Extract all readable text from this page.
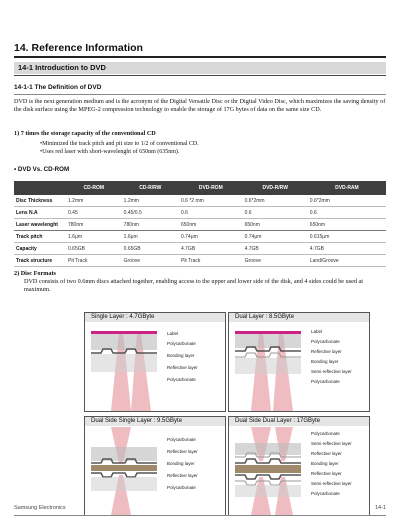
14. Reference Information
14-1 Introduction to DVD
14-1-1 The Definition of DVD
DVD is the next generation medium and is the acronym of the Digital Versatile Disc or thr Digital Video Disc, which maximizes the saving density of the disk surface using the MPEG-2 compression technology to enable the storage of 17G bytes of data on the same size CD.
1) 7 times the storage capacity of the conventional CD
•Minimized the track pitch and pit size to 1/2 of conventional CD.
•Uses red laser with short-wavelenght of 650nm (635nm).
• DVD Vs. CD-ROM
	CD-ROM	CD-R/RW	DVD-ROM	DVD-R/RW	DVD-RAM
Disc Thickness	1.2mm	1.2mm	0.6 *2 mm	0.6*2mm	0.6*2mm
Lens N.A	0.45	0.45/0.5	0.6	0.6	0.6
Laser wavelenght	780nm	780nm	650nm	650nm	650nm
Track pitch	1.6μm	1.6μm	0.74μm	0.74μm	0.615μm
Capacity	0.65GB	0.65GB	4.7GB	4.7GB	4.7GB
Track structure	Pit Track	Groove	Pit Track	Groove	Land/Groove
2) Disc Formats
DVD consists of two 0.6mm discs attached together, enabling access to the upper and lower side of the disk, and 4 sides could be used at maximum.
Single Layer : 4.7GByte
Label
Polycarbonate
Bonding layer
Reflective layer
Polycarbonate
Dual Layer : 8.5GByte
Label
Polycarbonate
Reflective layer
Bonding layer
Semi-reflective layer
Polycarbonate
Dual Side Single Layer : 9.5GByte
Polycarbonate
Reflective layer
Bonding layer
Reflective layer
Polycarbonate
Dual Side Dual Layer : 17GByte
Polycarbonate
Semi-reflective layer
Reflective layer
Bonding layer
Reflective layer
Semi-reflective layer
Polycarbonate
Samsung Electronics	14-1
